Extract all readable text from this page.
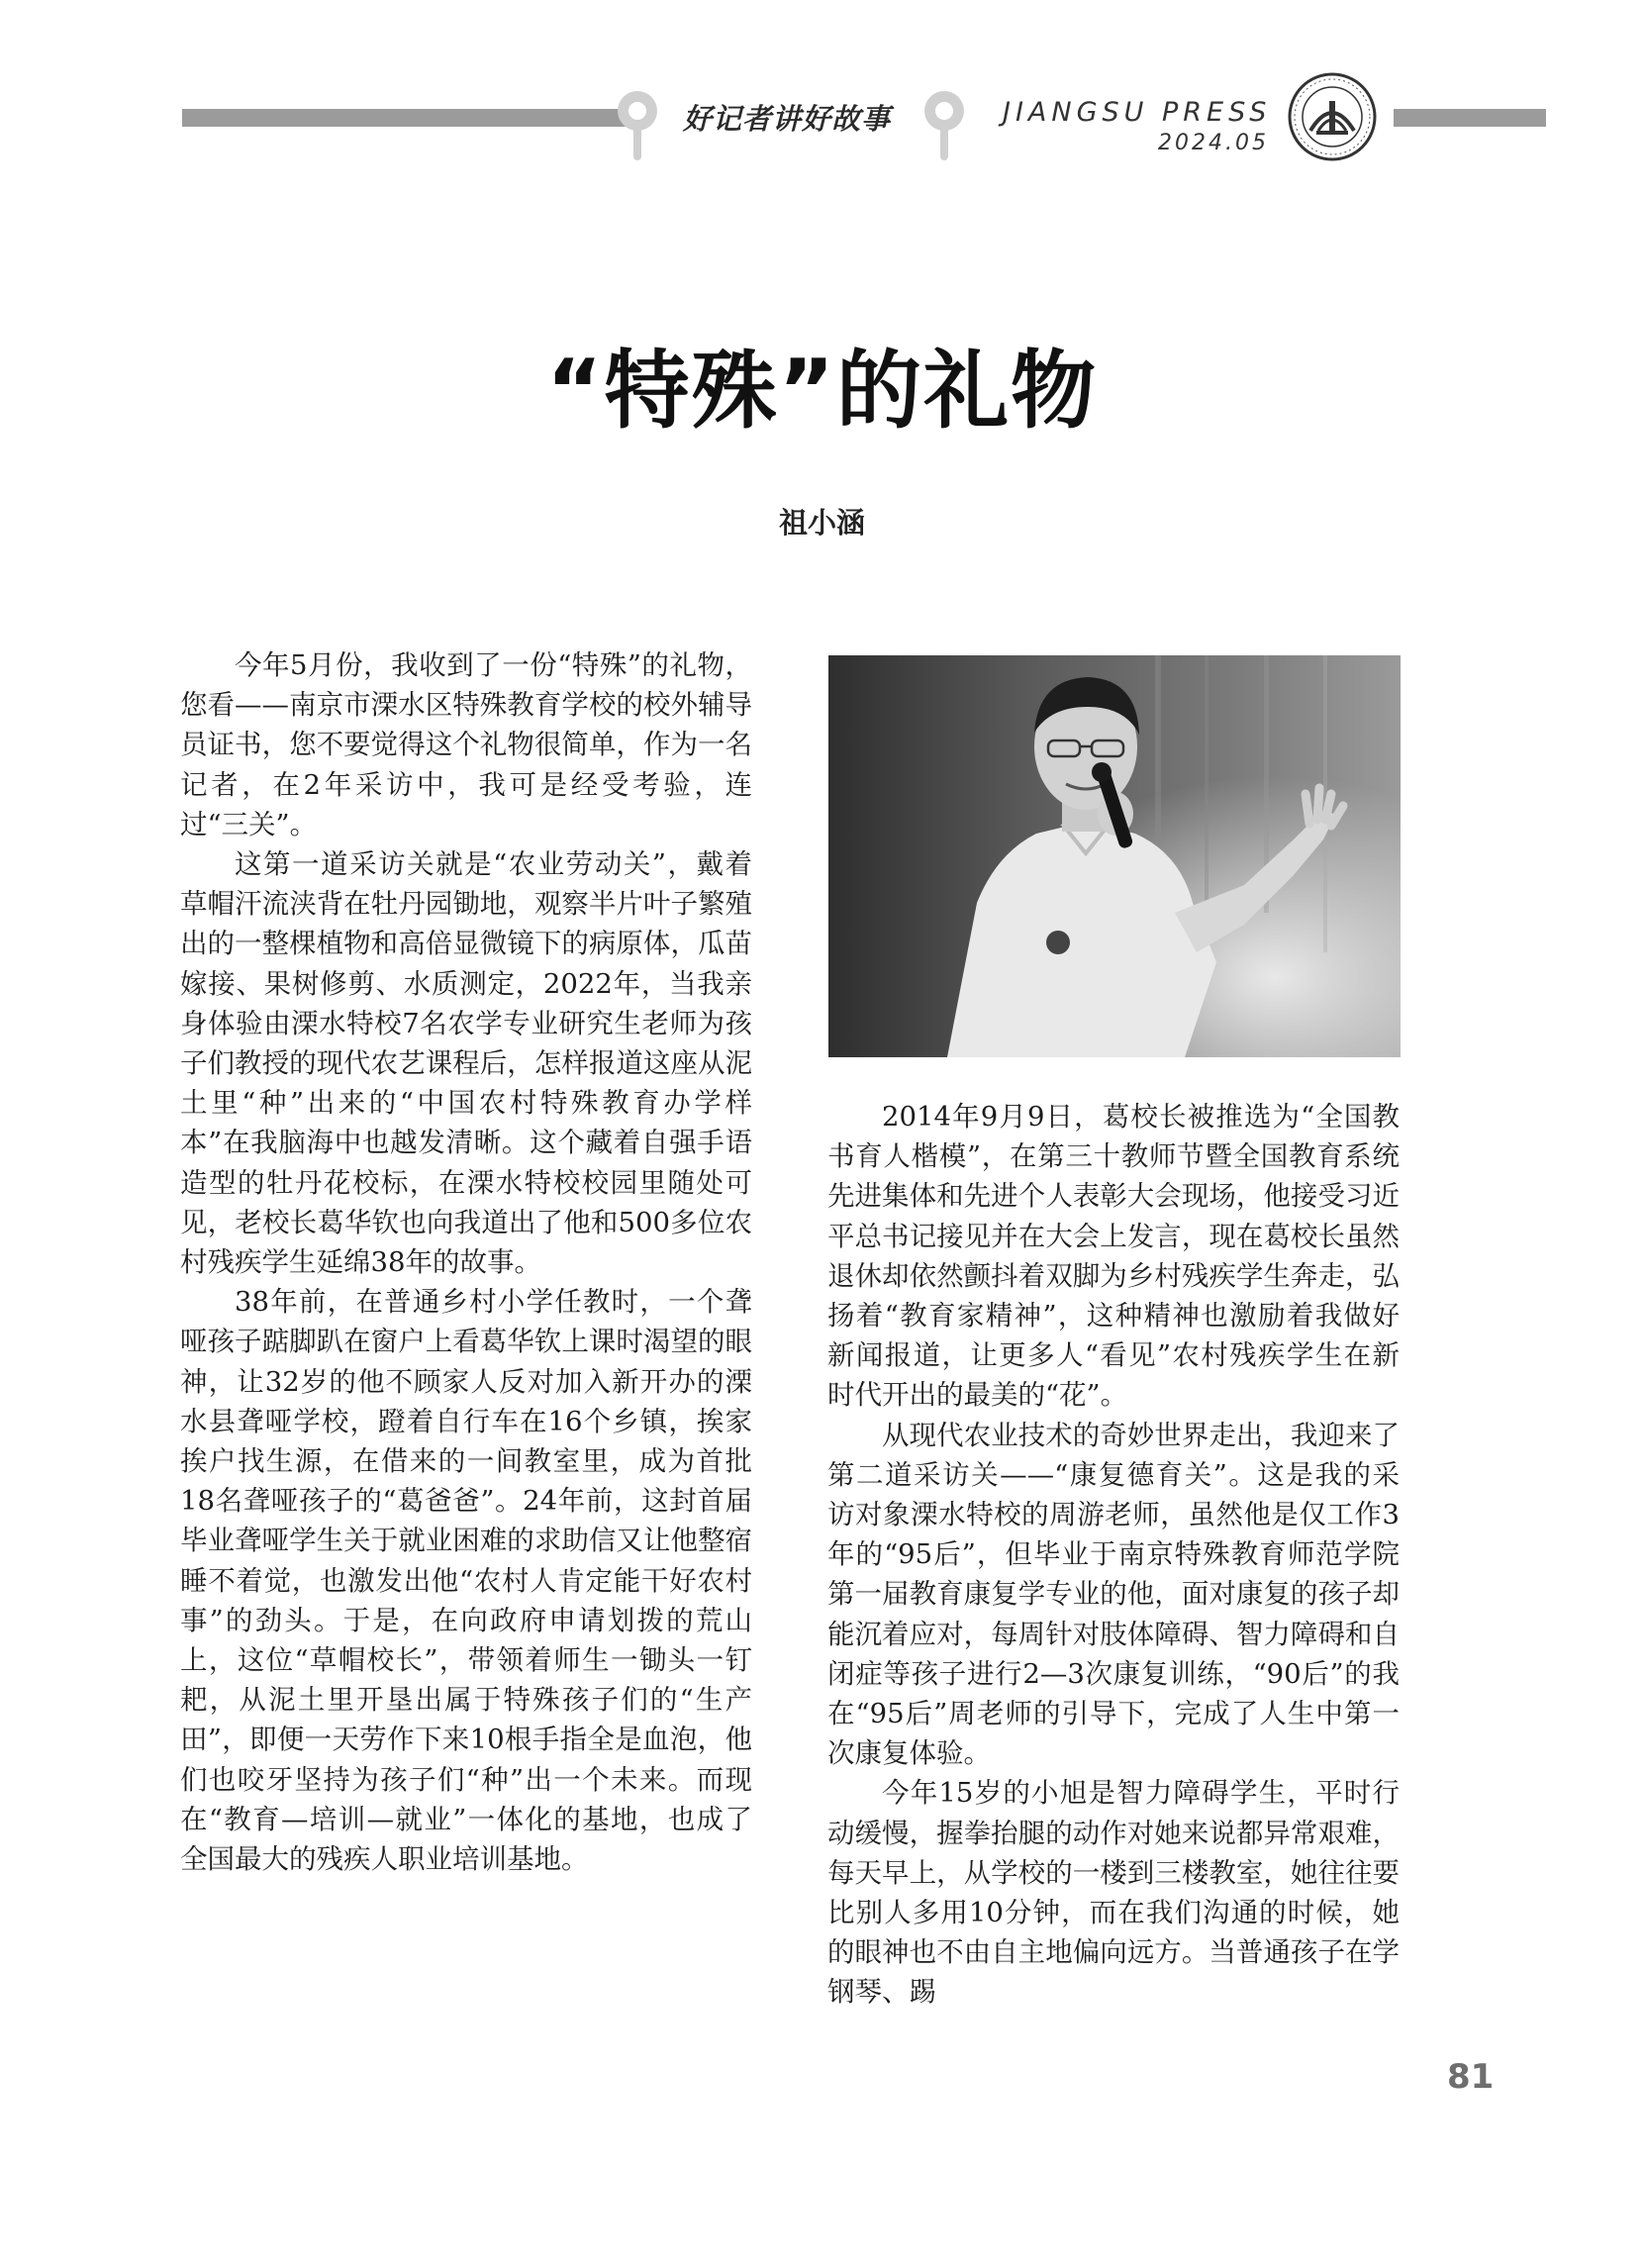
好记者讲好故事	JIANGSU PRESS
2024.05
“特殊”的礼物
祖小涵

今年5月份，我收到了一份“特殊”的礼物，您看——南京市溧水区特殊教育学校的校外辅导员证书，您不要觉得这个礼物很简单，作为一名记者，在2年采访中，我可是经受考验，连过“三关”。

这第一道采访关就是“农业劳动关”，戴着草帽汗流浃背在牡丹园锄地，观察半片叶子繁殖出的一整棵植物和高倍显微镜下的病原体，瓜苗嫁接、果树修剪、水质测定，2022年，当我亲身体验由溧水特校7名农学专业研究生老师为孩子们教授的现代农艺课程后，怎样报道这座从泥土里“种”出来的“中国农村特殊教育办学样本”在我脑海中也越发清晰。这个藏着自强手语造型的牡丹花校标，在溧水特校校园里随处可见，老校长葛华钦也向我道出了他和500多位农村残疾学生延绵38年的故事。

38年前，在普通乡村小学任教时，一个聋哑孩子踮脚趴在窗户上看葛华钦上课时渴望的眼神，让32岁的他不顾家人反对加入新开办的溧水县聋哑学校，蹬着自行车在16个乡镇，挨家挨户找生源，在借来的一间教室里，成为首批18名聋哑孩子的“葛爸爸”。24年前，这封首届毕业聋哑学生关于就业困难的求助信又让他整宿睡不着觉，也激发出他“农村人肯定能干好农村事”的劲头。于是，在向政府申请划拨的荒山上，这位“草帽校长”，带领着师生一锄头一钉耙，从泥土里开垦出属于特殊孩子们的“生产田”，即便一天劳作下来10根手指全是血泡，他们也咬牙坚持为孩子们“种”出一个未来。而现在“教育—培训—就业”一体化的基地，也成了全国最大的残疾人职业培训基地。

2014年9月9日，葛校长被推选为“全国教书育人楷模”，在第三十教师节暨全国教育系统先进集体和先进个人表彰大会现场，他接受习近平总书记接见并在大会上发言，现在葛校长虽然退休却依然颤抖着双脚为乡村残疾学生奔走，弘扬着“教育家精神”，这种精神也激励着我做好新闻报道，让更多人“看见”农村残疾学生在新时代开出的最美的“花”。

从现代农业技术的奇妙世界走出，我迎来了第二道采访关——“康复德育关”。这是我的采访对象溧水特校的周游老师，虽然他是仅工作3年的“95后”，但毕业于南京特殊教育师范学院第一届教育康复学专业的他，面对康复的孩子却能沉着应对，每周针对肢体障碍、智力障碍和自闭症等孩子进行2—3次康复训练，“90后”的我在“95后”周老师的引导下，完成了人生中第一次康复体验。

今年15岁的小旭是智力障碍学生，平时行动缓慢，握拳抬腿的动作对她来说都异常艰难，每天早上，从学校的一楼到三楼教室，她往往要比别人多用10分钟，而在我们沟通的时候，她的眼神也不由自主地偏向远方。当普通孩子在学钢琴、踢

81
